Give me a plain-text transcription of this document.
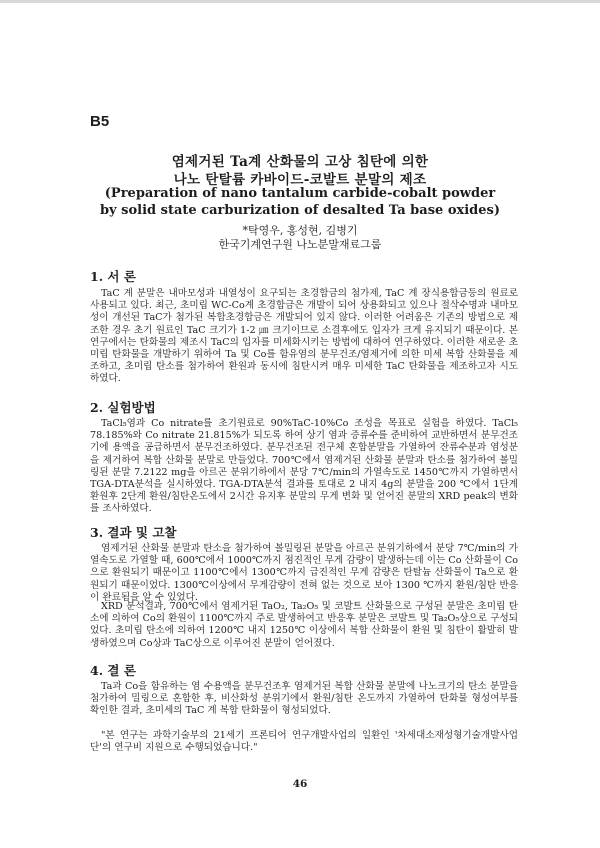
B5
염제거된 Ta계 산화물의 고상 침탄에 의한
나노 탄탈륨 카바이드-코발트 분말의 제조
(Preparation of nano tantalum carbide-cobalt powder
by solid state carburization of desalted Ta base oxides)
*탁영우, 홍성현, 김병기
한국기계연구원 나노분말재료그룹
1. 서 론

TaC 계 분말은 내마모성과 내열성이 요구되는 초경합금의 첨가제, TaC 계 장식용합금등의 원료로 사용되고 있다. 최근, 초미립 WC-Co계 초경합금은 개발이 되어 상용화되고 있으나 절삭수명과 내마모성이 개선된 TaC가 첨가된 복합초경합금은 개발되어 있지 않다. 이러한 어려움은 기존의 방법으로 제조한 경우 초기 원료인 TaC 크기가 1-2 ㎛ 크기이므로 소결후에도 입자가 크게 유지되기 때문이다. 본 연구에서는 탄화물의 제조시 TaC의 입자를 미세화시키는 방법에 대하여 연구하였다. 이러한 새로운 초미립 탄화물을 개발하기 위하여 Ta 및 Co를 함유염의 분무건조/염제거에 의한 미세 복합 산화물을 제조하고, 초미립 탄소를 첨가하여 환원과 동시에 침탄시켜 매우 미세한 TaC 탄화물을 제조하고자 시도하였다.

2. 실험방법

TaCl₅염과 Co nitrate를 초기원료로 90%TaC-10%Co 조성을 목표로 실험을 하였다. TaCl₅ 78.185%와 Co nitrate 21.815%가 되도록 하여 상기 염과 증류수를 준비하여 교반하면서 분무건조기에 용액을 공급하면서 분무건조하였다. 분무건조된 전구체 혼합분말을 가열하여 잔류수분과 염성분을 제거하여 복합 산화물 분말로 만들었다. 700℃에서 염제거된 산화물 분말과 탄소를 첨가하여 볼밀링된 분말 7.2122 mg을 아르곤 분위기하에서 분당 7℃/min의 가열속도로 1450℃까지 가열하면서 TGA-DTA분석을 실시하였다. TGA-DTA분석 결과를 토대로 2 내지 4g의 분말을 200 ℃에서 1단계 환원후 2단계 환원/침탄온도에서 2시간 유지후 분말의 무게 변화 및 얻어진 분말의 XRD peak의 변화를 조사하였다.

3. 결과 및 고찰

염제거된 산화물 분말과 탄소을 첨가하여 볼밀링된 분말을 아르곤 분위기하에서 분당 7℃/min의 가열속도로 가열할 때, 600℃에서 1000℃까지 점진적인 무게 감량이 발생하는데 이는 Co 산화물이 Co으로 환원되기 때문이고 1100℃에서 1300℃까지 급진적인 무게 감량은 탄탈늄 산화물이 Ta으로 환원되기 때문이었다. 1300℃이상에서 무게감량이 전혀 없는 것으로 보아 1300 ℃까지 환원/침탄 반응이 완료됨을 알 수 있었다.

XRD 분석결과, 700℃에서 염제거된 TaO₂, Ta₂O₅ 및 코발트 산화물으로 구성된 분말은 초미립 탄소에 의하여 Co의 환원이 1100℃까지 주로 발생하여고 반응후 분말은 코발트 및 Ta₂O₅상으로 구성되었다. 초미립 탄소에 의하여 1200℃ 내지 1250℃ 이상에서 복합 산화물이 환원 및 침탄이 활발히 발생하였으며 Co상과 TaC상으로 이루어진 분말이 얻어졌다.

4. 결 론

Ta과 Co을 함유하는 염 수용액을 분무건조후 염제거된 복합 산화물 분말에 나노크기의 탄소 분말을 첨가하여 밀링으로 혼합한 후, 비산화성 분위기에서 환원/침탄 온도까지 가열하여 탄화물 형성여부를 확인한 결과, 초미세의 TaC 계 복합 탄화물이 형성되었다.

"본 연구는 과학기술부의 21세기 프론티어 연구개발사업의 일환인 '차세대소재성형기술개발사업단'의 연구비 지원으로 수행되었습니다."

46
